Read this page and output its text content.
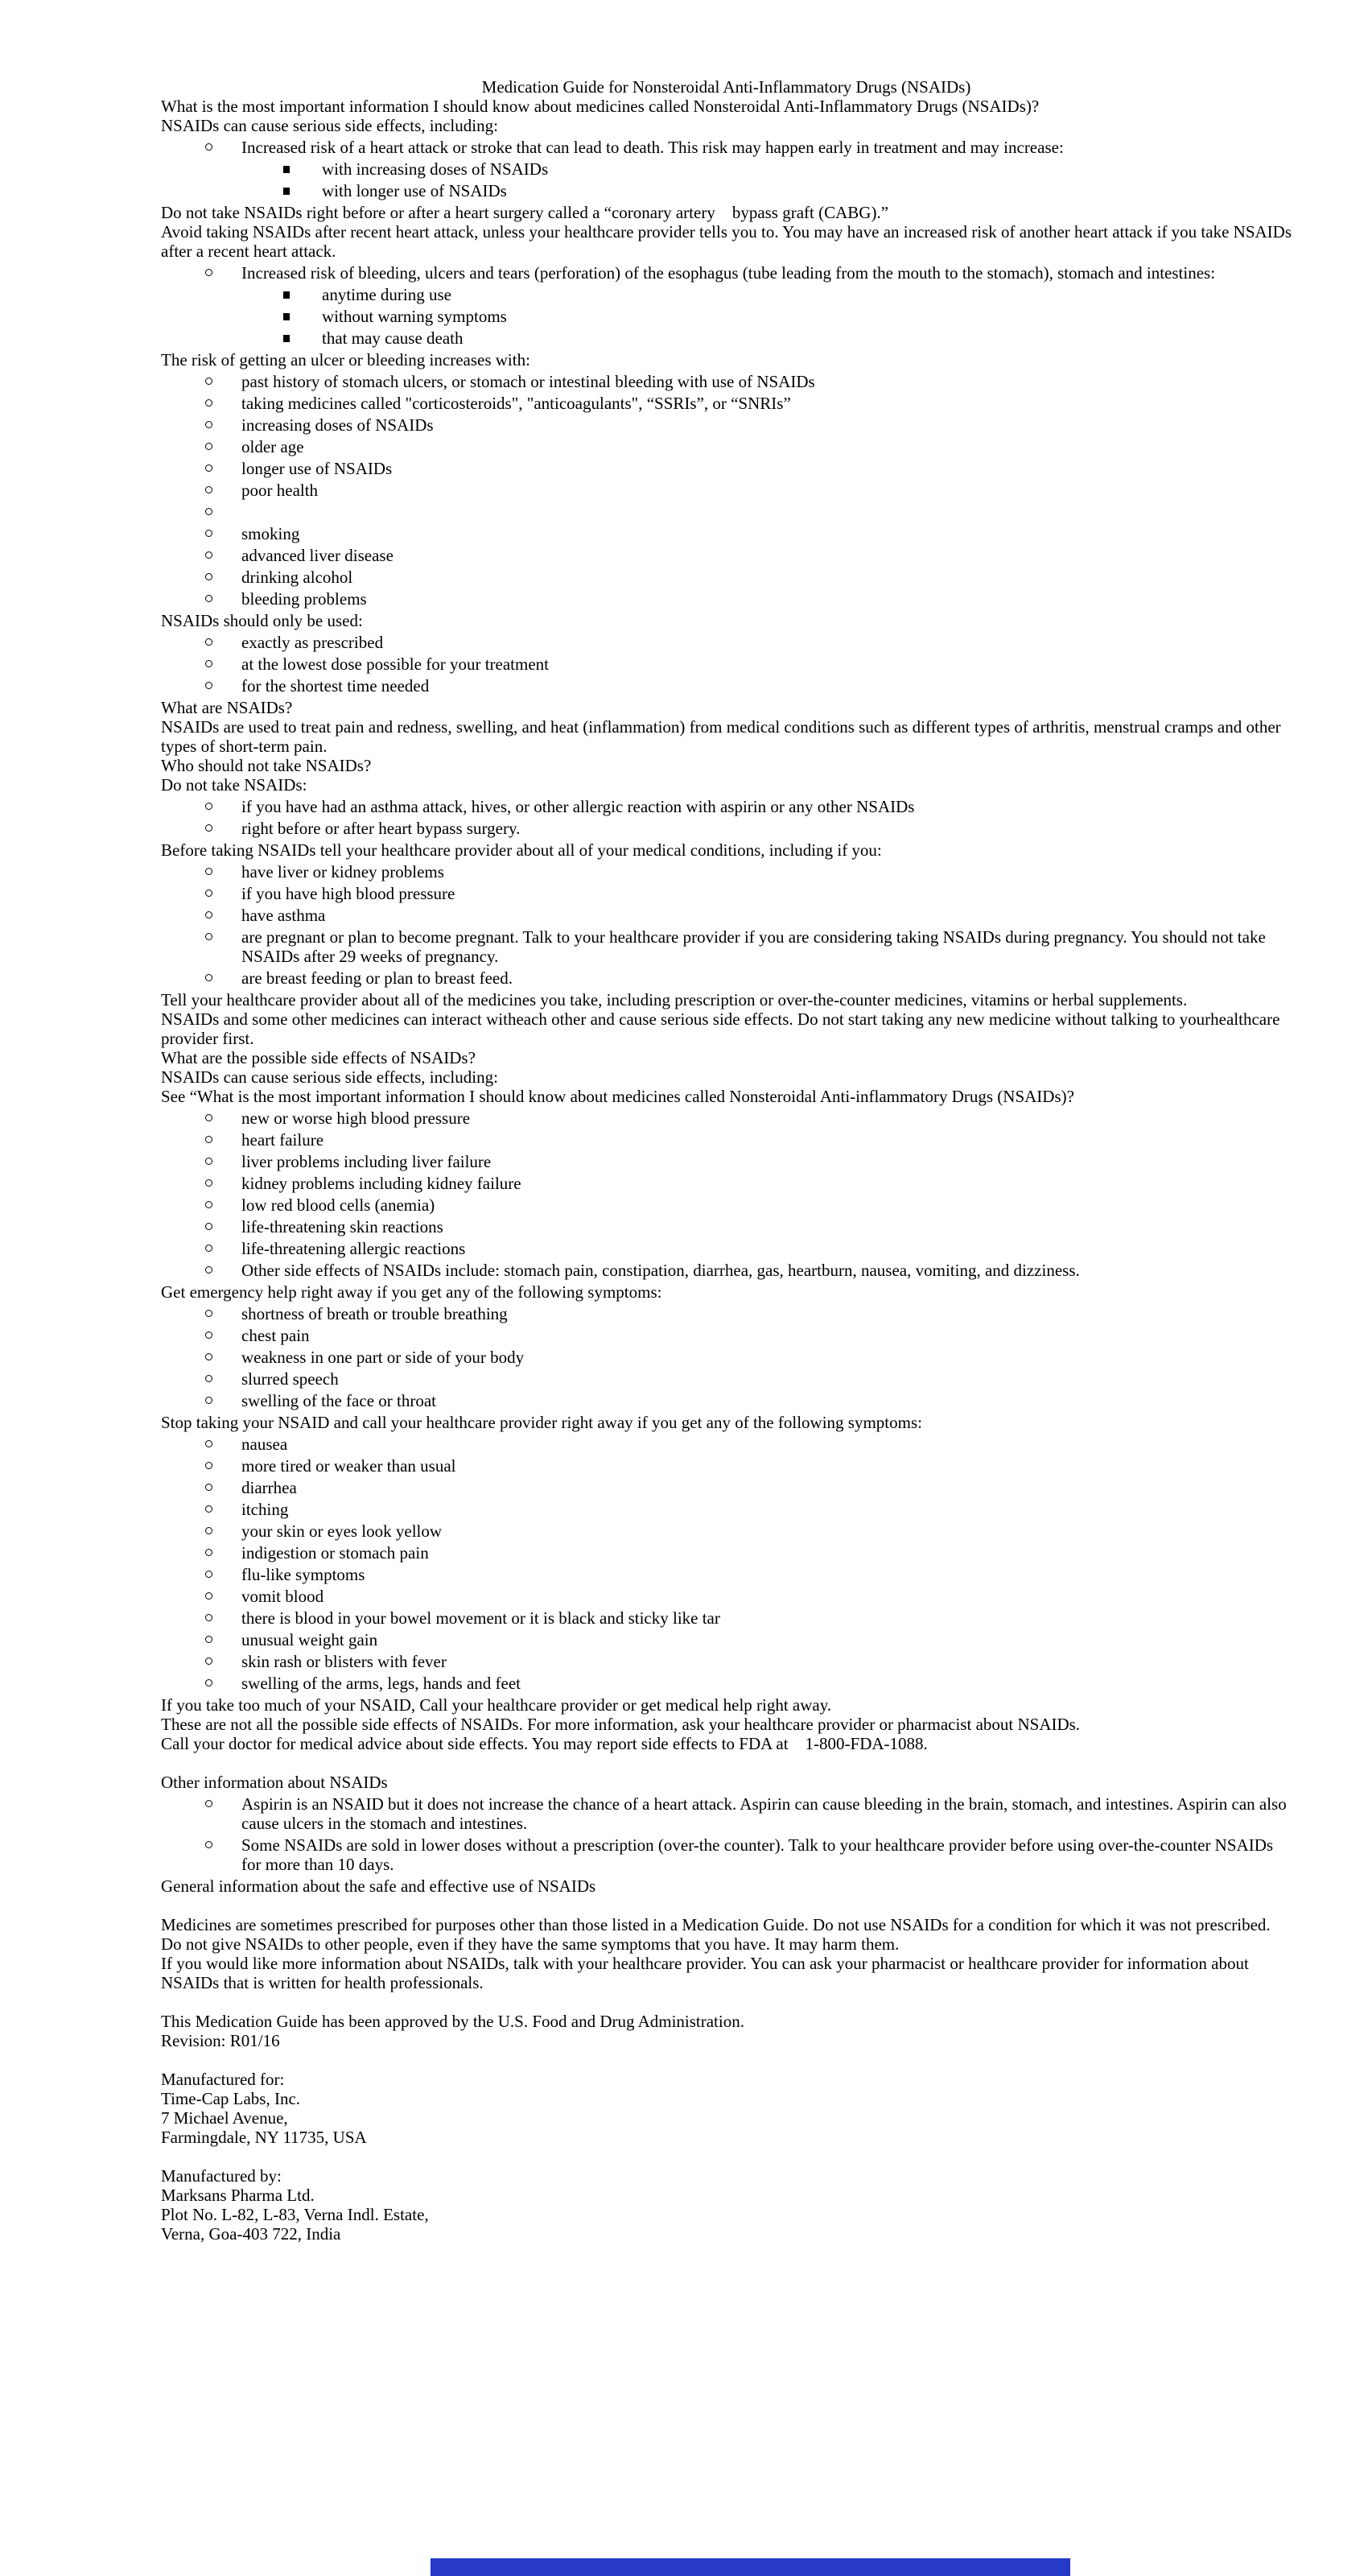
Medication Guide for Nonsteroidal Anti-Inflammatory Drugs (NSAIDs)
What is the most important information I should know about medicines called Nonsteroidal Anti-Inflammatory Drugs (NSAIDs)?
NSAIDs can cause serious side effects, including:
Increased risk of a heart attack or stroke that can lead to death. This risk may happen early in treatment and may increase:
with increasing doses of NSAIDs
with longer use of NSAIDs
Do not take NSAIDs right before or after a heart surgery called a “coronary artery    bypass graft (CABG).”
Avoid taking NSAIDs after recent heart attack, unless your healthcare provider tells you to. You may have an increased risk of another heart attack if you take NSAIDs after a recent heart attack.
Increased risk of bleeding, ulcers and tears (perforation) of the esophagus (tube leading from the mouth to the stomach), stomach and intestines:
anytime during use
without warning symptoms
that may cause death
The risk of getting an ulcer or bleeding increases with:
past history of stomach ulcers, or stomach or intestinal bleeding with use of NSAIDs
taking medicines called "corticosteroids", "anticoagulants", “SSRIs”, or “SNRIs”
increasing doses of NSAIDs
older age
longer use of NSAIDs
poor health
smoking
advanced liver disease
drinking alcohol
bleeding problems
NSAIDs should only be used:
exactly as prescribed
at the lowest dose possible for your treatment
for the shortest time needed
What are NSAIDs?
NSAIDs are used to treat pain and redness, swelling, and heat (inflammation) from medical conditions such as different types of arthritis, menstrual cramps and other types of short-term pain.
Who should not take NSAIDs?
Do not take NSAIDs:
if you have had an asthma attack, hives, or other allergic reaction with aspirin or any other NSAIDs
right before or after heart bypass surgery.
Before taking NSAIDs tell your healthcare provider about all of your medical conditions, including if you:
have liver or kidney problems
if you have high blood pressure
have asthma
are pregnant or plan to become pregnant. Talk to your healthcare provider if you are considering taking NSAIDs during pregnancy. You should not take NSAIDs after 29 weeks of pregnancy.
are breast feeding or plan to breast feed.
Tell your healthcare provider about all of the medicines you take, including prescription or over-the-counter medicines, vitamins or herbal supplements.
NSAIDs and some other medicines can interact witheach other and cause serious side effects. Do not start taking any new medicine without talking to yourhealthcare provider first.
What are the possible side effects of NSAIDs?
NSAIDs can cause serious side effects, including:
See “What is the most important information I should know about medicines called Nonsteroidal Anti-inflammatory Drugs (NSAIDs)?
new or worse high blood pressure
heart failure
liver problems including liver failure
kidney problems including kidney failure
low red blood cells (anemia)
life-threatening skin reactions
life-threatening allergic reactions
Other side effects of NSAIDs include: stomach pain, constipation, diarrhea, gas, heartburn, nausea, vomiting, and dizziness.
Get emergency help right away if you get any of the following symptoms:
shortness of breath or trouble breathing
chest pain
weakness in one part or side of your body
slurred speech
swelling of the face or throat
Stop taking your NSAID and call your healthcare provider right away if you get any of the following symptoms:
nausea
more tired or weaker than usual
diarrhea
itching
your skin or eyes look yellow
indigestion or stomach pain
flu-like symptoms
vomit blood
there is blood in your bowel movement or it is black and sticky like tar
unusual weight gain
skin rash or blisters with fever
swelling of the arms, legs, hands and feet
If you take too much of your NSAID, Call your healthcare provider or get medical help right away.
These are not all the possible side effects of NSAIDs. For more information, ask your healthcare provider or pharmacist about NSAIDs.
Call your doctor for medical advice about side effects. You may report side effects to FDA at    1-800-FDA-1088.

Other information about NSAIDs
Aspirin is an NSAID but it does not increase the chance of a heart attack. Aspirin can cause bleeding in the brain, stomach, and intestines. Aspirin can also cause ulcers in the stomach and intestines.
Some NSAIDs are sold in lower doses without a prescription (over-the counter). Talk to your healthcare provider before using over-the-counter NSAIDs for more than 10 days.
General information about the safe and effective use of NSAIDs

Medicines are sometimes prescribed for purposes other than those listed in a Medication Guide. Do not use NSAIDs for a condition for which it was not prescribed. Do not give NSAIDs to other people, even if they have the same symptoms that you have. It may harm them.
If you would like more information about NSAIDs, talk with your healthcare provider. You can ask your pharmacist or healthcare provider for information about NSAIDs that is written for health professionals.

This Medication Guide has been approved by the U.S. Food and Drug Administration.
Revision: R01/16

Manufactured for:
Time-Cap Labs, Inc.
7 Michael Avenue,
Farmingdale, NY 11735, USA

Manufactured by:
Marksans Pharma Ltd.
Plot No. L-82, L-83, Verna Indl. Estate,
Verna, Goa-403 722, India
